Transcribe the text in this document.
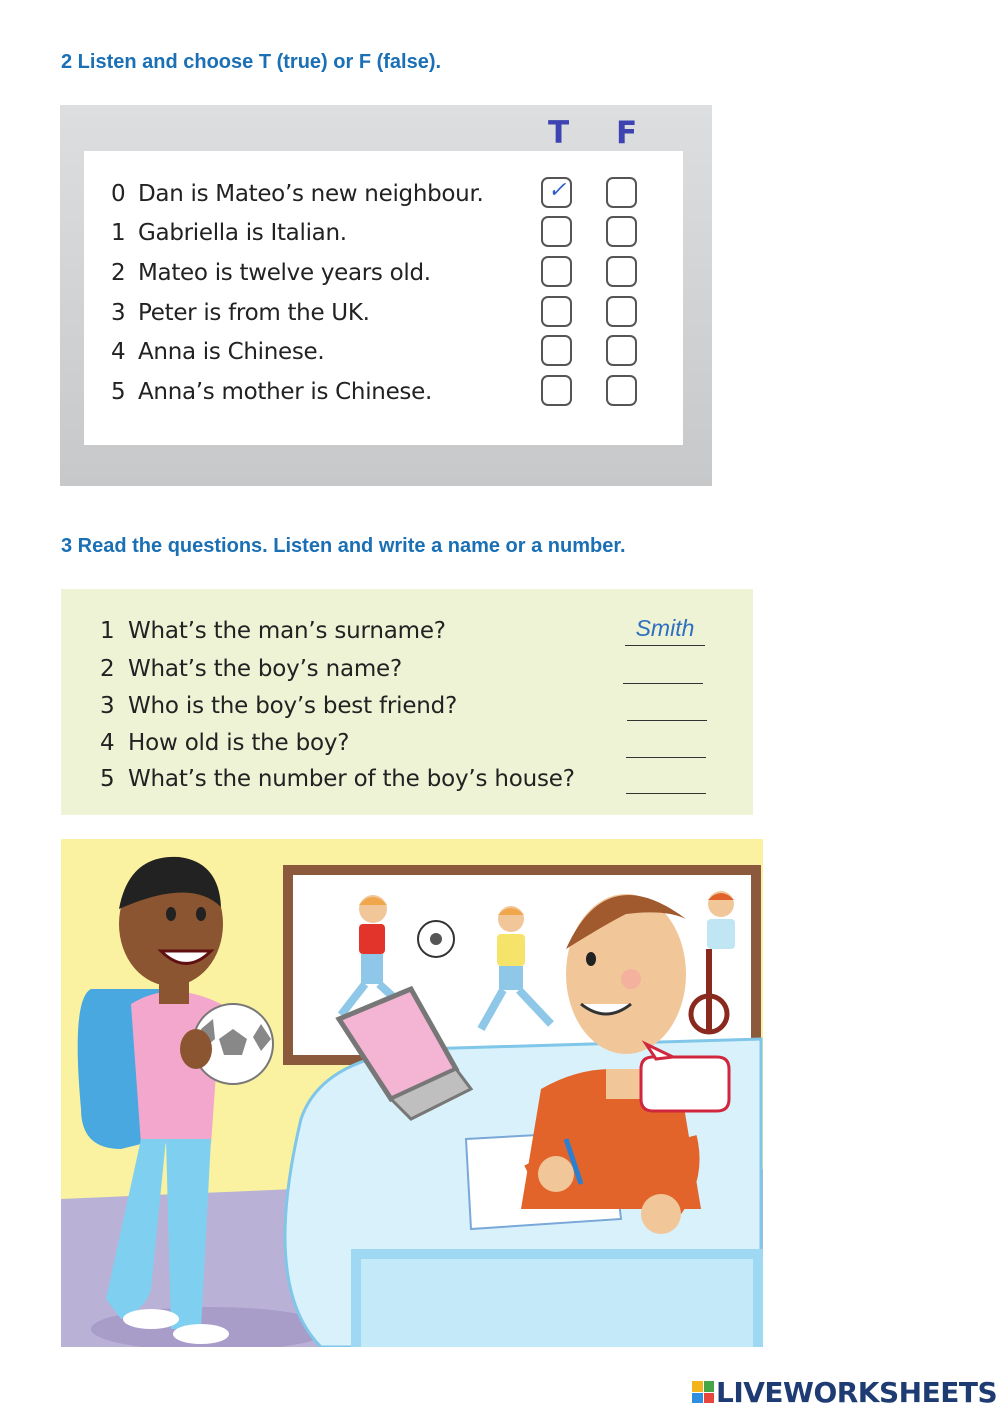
2 Listen and choose T (true) or F (false).
T F
0 Dan is Mateo’s new neighbour.	✓
1 Gabriella is Italian.
2 Mateo is twelve years old.
3 Peter is from the UK.
4 Anna is Chinese.
5 Anna’s mother is Chinese.
3 Read the questions. Listen and write a name or a number.
1 What’s the man’s surname?	Smith
2 What’s the boy’s name?
3 Who is the boy’s best friend?
4 How old is the boy?
5 What’s the number of the boy’s house?
LIVEWORKSHEETS
